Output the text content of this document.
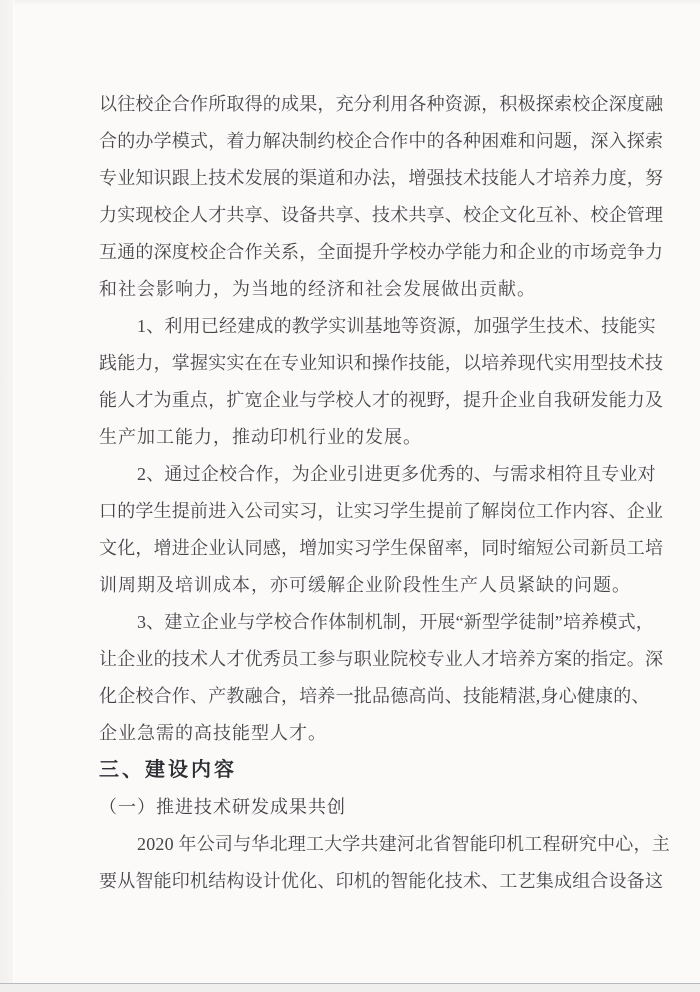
以往校企合作所取得的成果，充分利用各种资源，积极探索校企深度融
合的办学模式，着力解决制约校企合作中的各种困难和问题，深入探索
专业知识跟上技术发展的渠道和办法，增强技术技能人才培养力度，努
力实现校企人才共享、设备共享、技术共享、校企文化互补、校企管理
互通的深度校企合作关系，全面提升学校办学能力和企业的市场竞争力
和社会影响力，为当地的经济和社会发展做出贡献。
1、利用已经建成的教学实训基地等资源，加强学生技术、技能实
践能力，掌握实实在在专业知识和操作技能，以培养现代实用型技术技
能人才为重点，扩宽企业与学校人才的视野，提升企业自我研发能力及
生产加工能力，推动印机行业的发展。
2、通过企校合作，为企业引进更多优秀的、与需求相符且专业对
口的学生提前进入公司实习，让实习学生提前了解岗位工作内容、企业
文化，增进企业认同感，增加实习学生保留率，同时缩短公司新员工培
训周期及培训成本，亦可缓解企业阶段性生产人员紧缺的问题。
3、建立企业与学校合作体制机制，开展“新型学徒制”培养模式，
让企业的技术人才优秀员工参与职业院校专业人才培养方案的指定。深
化企校合作、产教融合，培养一批品德高尚、技能精湛,身心健康的、
企业急需的高技能型人才。
三、建设内容
（一）推进技术研发成果共创
2020 年公司与华北理工大学共建河北省智能印机工程研究中心，主
要从智能印机结构设计优化、印机的智能化技术、工艺集成组合设备这
